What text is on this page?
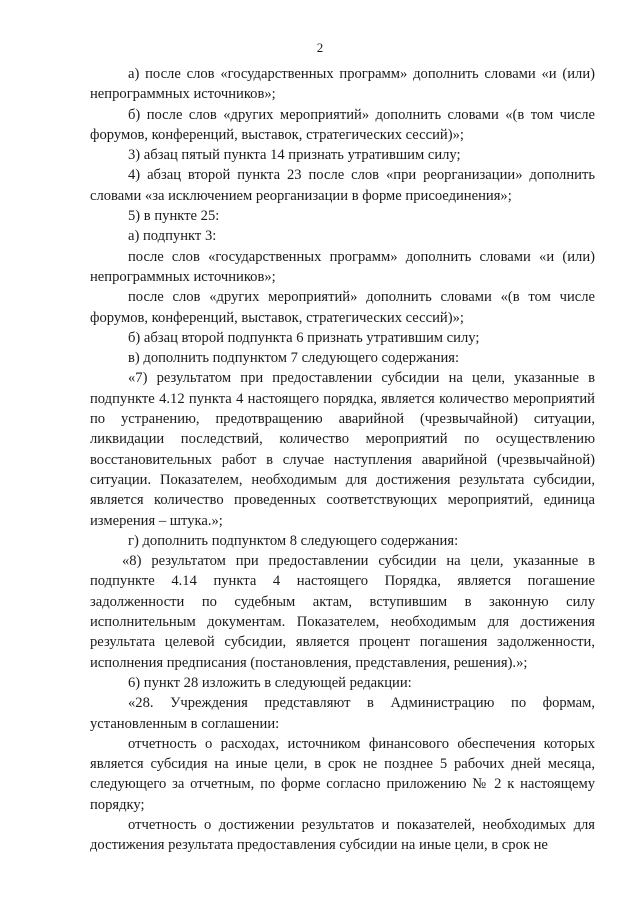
2

а) после слов «государственных программ» дополнить словами «и (или) непрограммных источников»;

б) после слов «других мероприятий» дополнить словами «(в том числе форумов, конференций, выставок, стратегических сессий)»;

3) абзац пятый пункта 14 признать утратившим силу;

4) абзац второй пункта 23 после слов «при реорганизации» дополнить словами «за исключением реорганизации в форме присоединения»;

5) в пункте 25:

а) подпункт 3:

после слов «государственных программ» дополнить словами «и (или) непрограммных источников»;

после слов «других мероприятий» дополнить словами «(в том числе форумов, конференций, выставок, стратегических сессий)»;

б) абзац второй подпункта 6 признать утратившим силу;

в) дополнить подпунктом 7 следующего содержания:

«7) результатом при предоставлении субсидии на цели, указанные в подпункте 4.12 пункта 4 настоящего порядка, является количество мероприятий по устранению, предотвращению аварийной (чрезвычайной) ситуации, ликвидации последствий, количество мероприятий по осуществлению восстановительных работ в случае наступления аварийной (чрезвычайной) ситуации. Показателем, необходимым для достижения результата субсидии, является количество проведенных соответствующих мероприятий, единица измерения – штука.»;

г) дополнить подпунктом 8 следующего содержания:

«8) результатом при предоставлении субсидии на цели, указанные в подпункте 4.14 пункта 4 настоящего Порядка, является погашение задолженности по судебным актам, вступившим в законную силу исполнительным документам. Показателем, необходимым для достижения результата целевой субсидии, является процент погашения задолженности, исполнения предписания (постановления, представления, решения).»;

6) пункт 28 изложить в следующей редакции:

«28. Учреждения представляют в Администрацию по формам, установленным в соглашении:

отчетность о расходах, источником финансового обеспечения которых является субсидия на иные цели, в срок не позднее 5 рабочих дней месяца, следующего за отчетным, по форме согласно приложению № 2 к настоящему порядку;

отчетность о достижении результатов и показателей, необходимых для достижения результата предоставления субсидии на иные цели, в срок не
